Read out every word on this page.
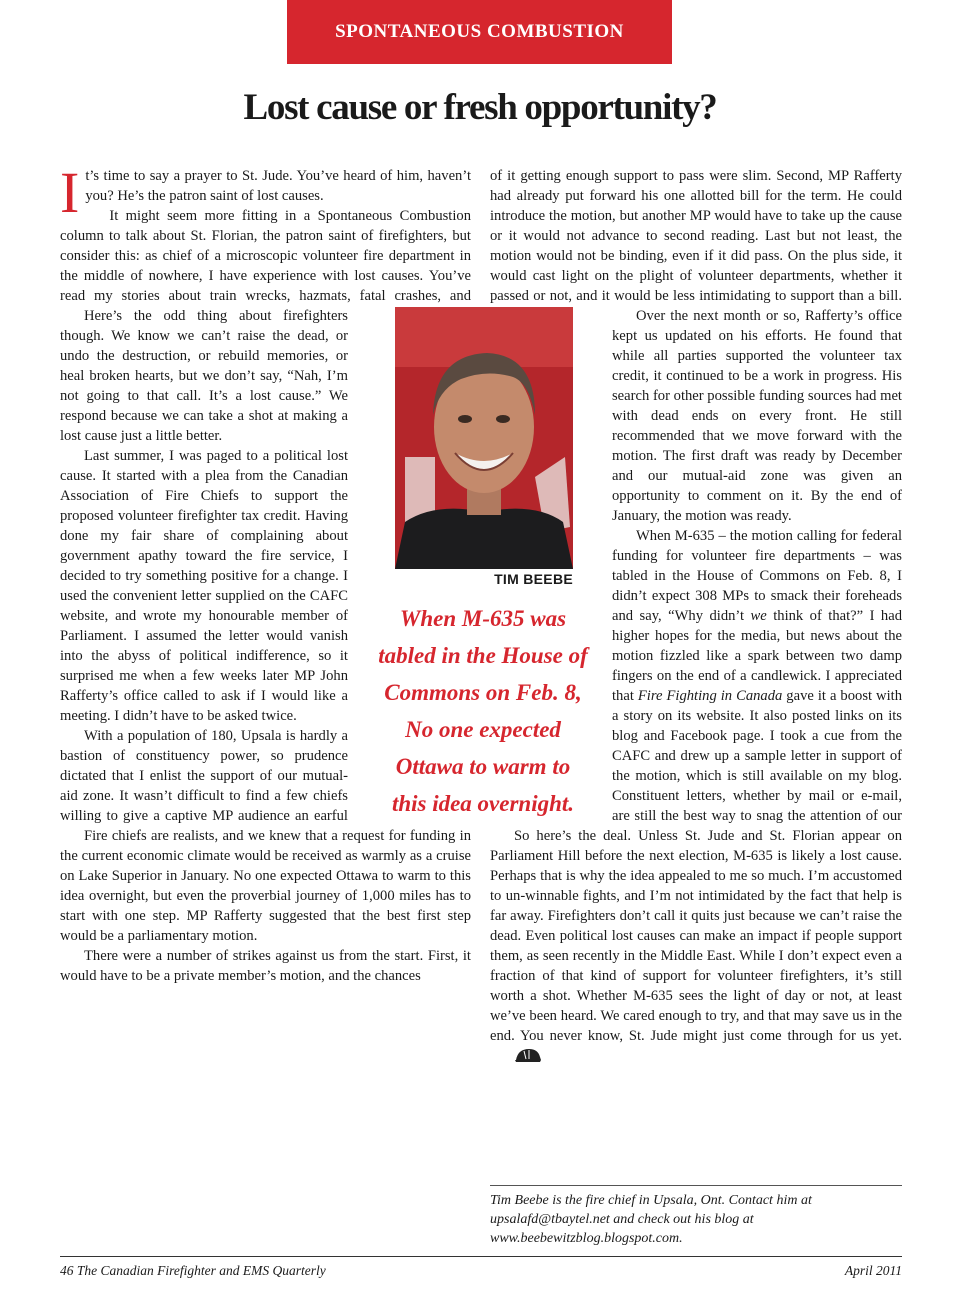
SPONTANEOUS COMBUSTION
Lost cause or fresh opportunity?
I t’s time to say a prayer to St. Jude. You’ve heard of him, haven’t you? He’s the patron saint of lost causes.

It might seem more fitting in a Spontaneous Combustion column to talk about St. Florian, the patron saint of firefighters, but consider this: as chief of a microscopic volunteer fire department in the middle of nowhere, I have experience with lost causes. You’ve read my stories about train wrecks, hazmats, fatal crashes, and

Here’s the odd thing about firefighters though. We know we can’t raise the dead, or undo the destruction, or rebuild memories, or heal broken hearts, but we don’t say, “Nah, I’m not going to that call. It’s a lost cause.” We respond because we can take a shot at making a lost cause just a little better.

Last summer, I was paged to a political lost cause. It started with a plea from the Canadian Association of Fire Chiefs to support the proposed volunteer firefighter tax credit. Having done my fair share of complaining about government apathy toward the fire service, I decided to try something positive for a change. I used the convenient letter supplied on the CAFC website, and wrote my honourable member of Parliament. I assumed the letter would vanish into the abyss of political indifference, so it surprised me when a few weeks later MP John Rafferty’s office called to ask if I would like a meeting. I didn’t have to be asked twice.

With a population of 180, Upsala is hardly a bastion of constituency power, so prudence dictated that I enlist the support of our mutual-aid zone. It wasn’t difficult to find a few chiefs willing to give a captive MP audience an earful

Fire chiefs are realists, and we knew that a request for funding in the current economic climate would be received as warmly as a cruise on Lake Superior in January. No one expected Ottawa to warm to this idea overnight, but even the proverbial journey of 1,000 miles has to start with one step. MP Rafferty suggested that the best first step would be a parliamentary motion.

There were a number of strikes against us from the start. First, it would have to be a private member’s motion, and the chances

TIM BEEBE
When M-635 was tabled in the House of Commons on Feb. 8, No one expected Ottawa to warm to this idea overnight.

of it getting enough support to pass were slim. Second, MP Rafferty had already put forward his one allotted bill for the term. He could introduce the motion, but another MP would have to take up the cause or it would not advance to second reading. Last but not least, the motion would not be binding, even if it did pass. On the plus side, it would cast light on the plight of volunteer departments, whether it passed or not, and it would be less intimidating to support than a bill.

Over the next month or so, Rafferty’s office kept us updated on his efforts. He found that while all parties supported the volunteer tax credit, it continued to be a work in progress. His search for other possible funding sources had met with dead ends on every front. He still recommended that we move forward with the motion. The first draft was ready by December and our mutual-aid zone was given an opportunity to comment on it. By the end of January, the motion was ready.

When M-635 – the motion calling for federal funding for volunteer fire departments – was tabled in the House of Commons on Feb. 8, I didn’t expect 308 MPs to smack their foreheads and say, “Why didn’t we think of that?” I had higher hopes for the media, but news about the motion fizzled like a spark between two damp fingers on the end of a candlewick. I appreciated that Fire Fighting in Canada gave it a boost with a story on its website. It also posted links on its blog and Facebook page. I took a cue from the CAFC and drew up a sample letter in support of the motion, which is still available on my blog. Constituent letters, whether by mail or e-mail, are still the best way to snag the attention of our

So here’s the deal. Unless St. Jude and St. Florian appear on Parliament Hill before the next election, M-635 is likely a lost cause. Perhaps that is why the idea appealed to me so much. I’m accustomed to un-winnable fights, and I’m not intimidated by the fact that help is far away. Firefighters don’t call it quits just because we can’t raise the dead. Even political lost causes can make an impact if people support them, as seen recently in the Middle East. While I don’t expect even a fraction of that kind of support for volunteer firefighters, it’s still worth a shot. Whether M-635 sees the light of day or not, at least we’ve been heard. We cared enough to try, and that may save us in the end. You never know, St. Jude might just come through for us yet.

Tim Beebe is the fire chief in Upsala, Ont. Contact him at upsalafd@tbaytel.net and check out his blog at www.beebewitzblog.blogspot.com.
46 The Canadian Firefighter and EMS Quarterly	April 2011
